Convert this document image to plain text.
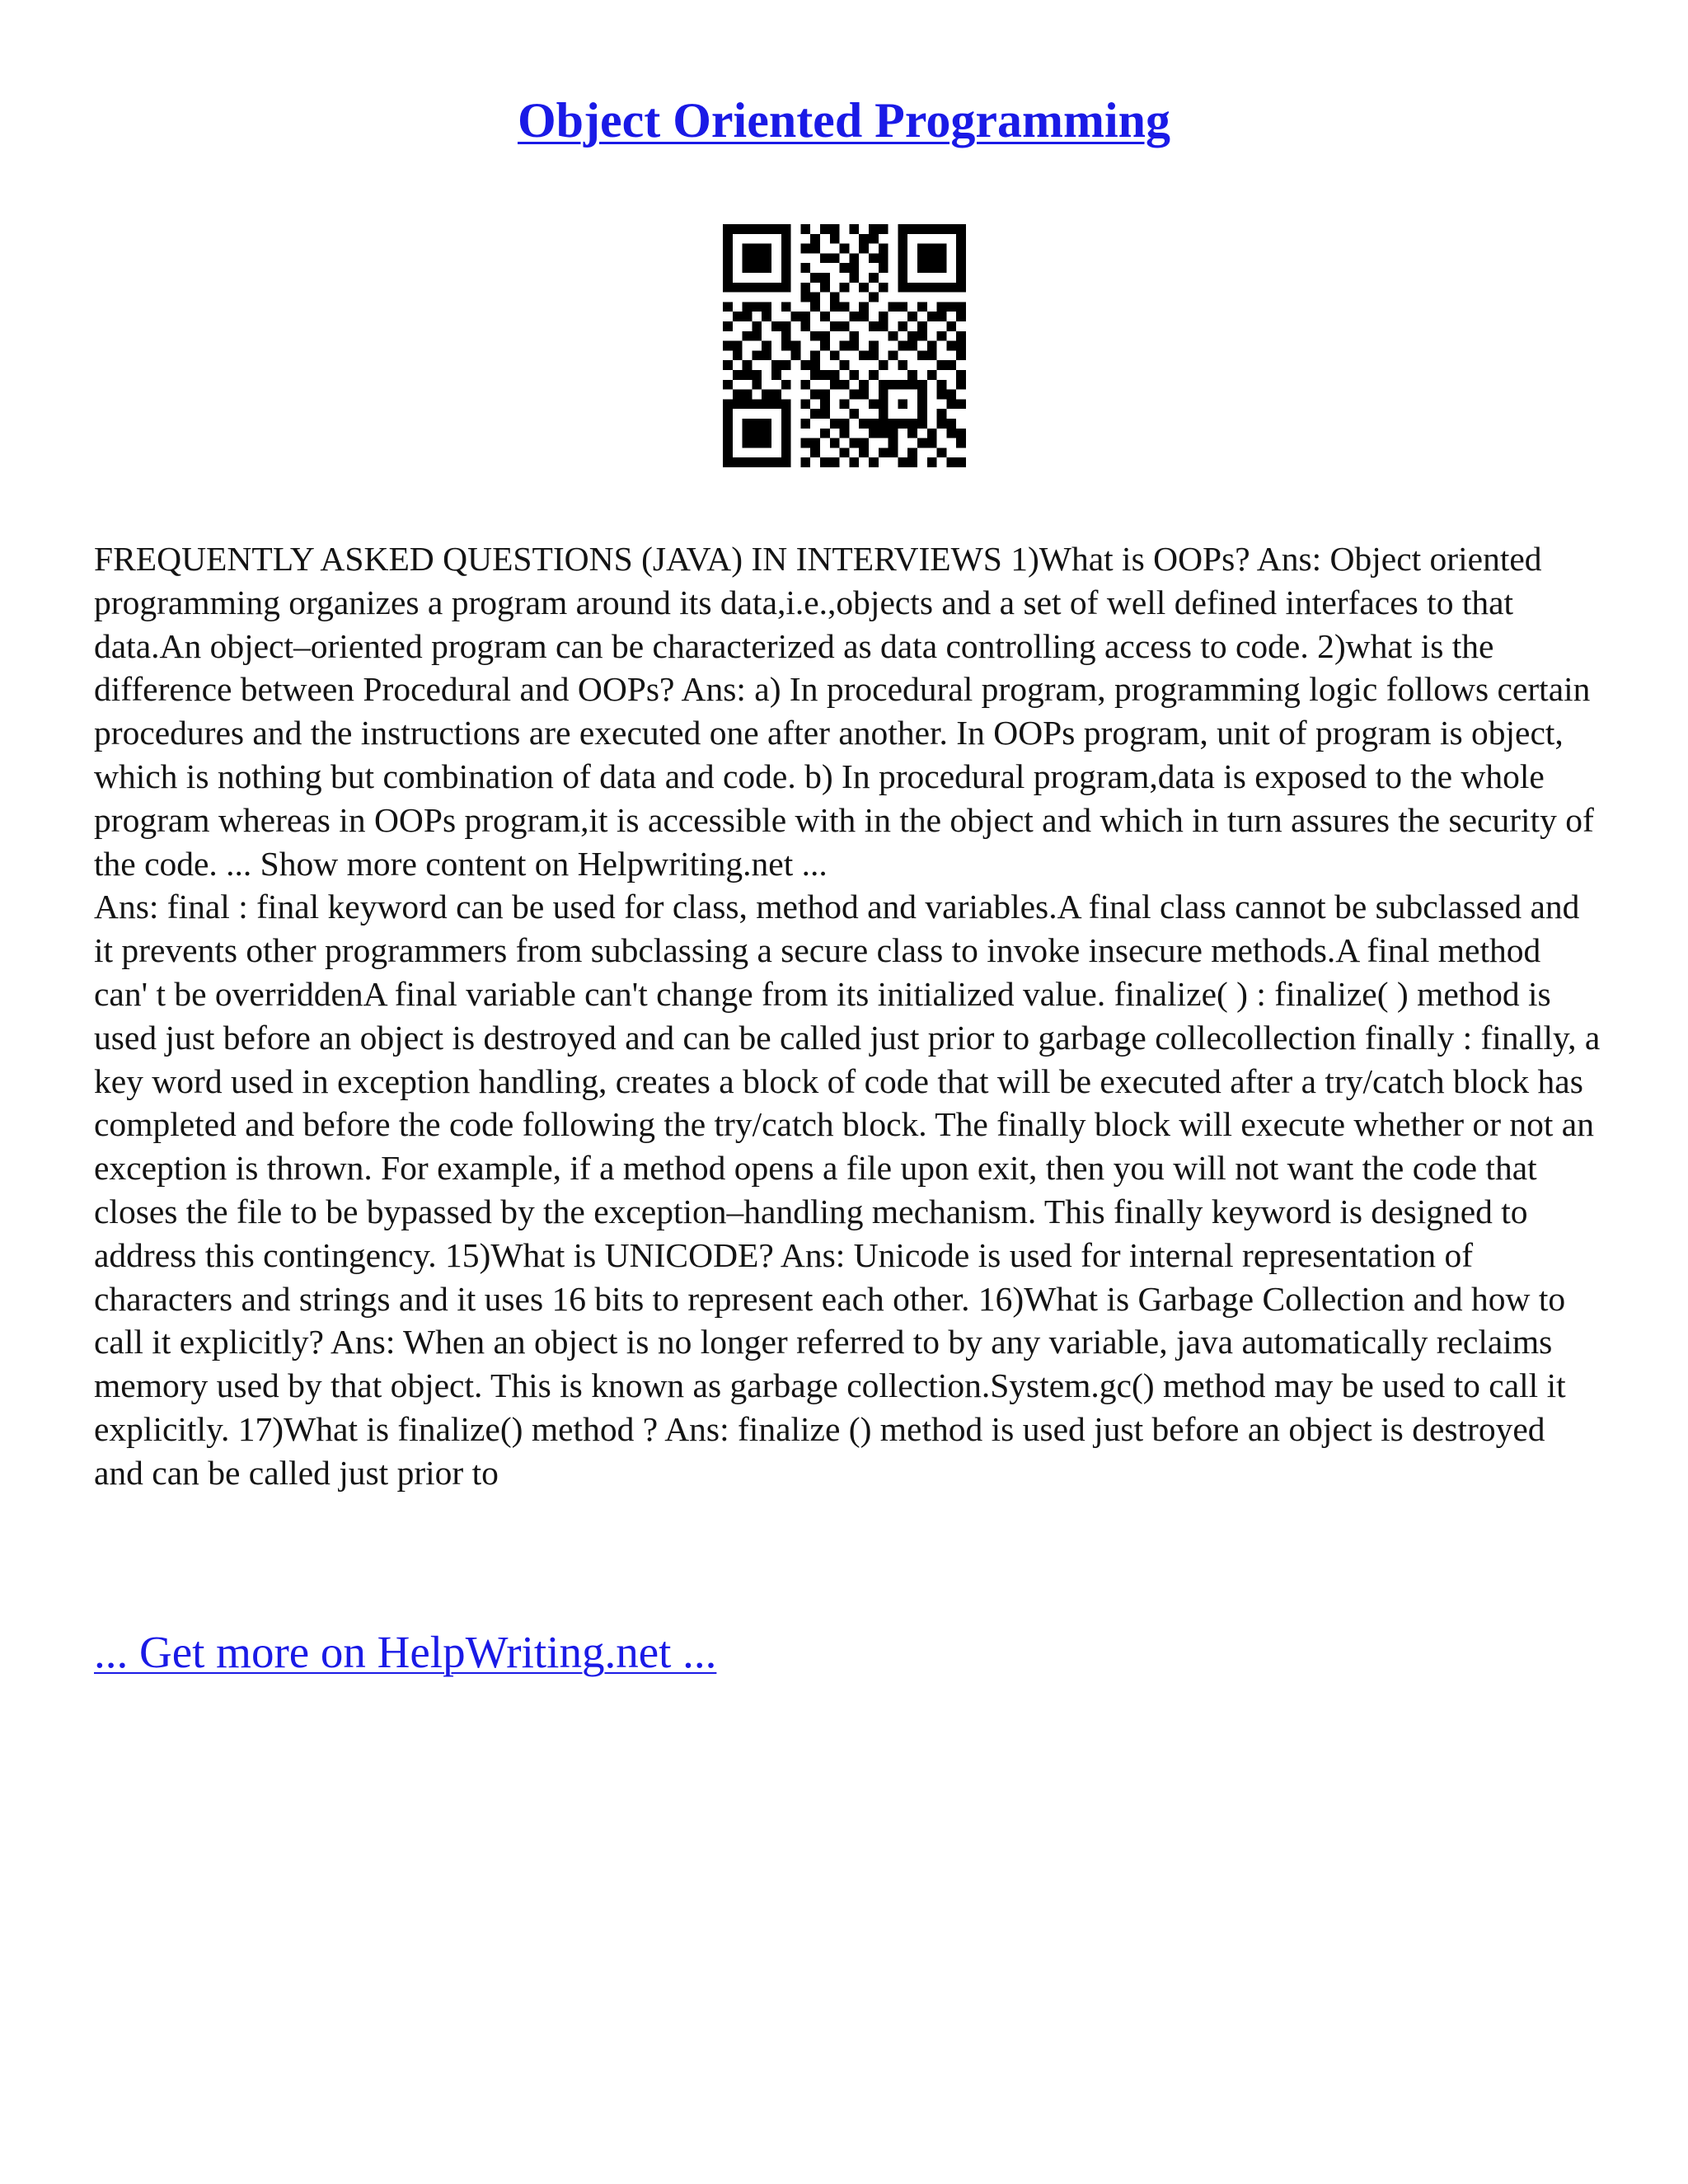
Object Oriented Programming

FREQUENTLY ASKED QUESTIONS (JAVA) IN INTERVIEWS 1)What is OOPs? Ans: Object oriented programming organizes a program around its data,i.e.,objects and a set of well defined interfaces to that data.An object–oriented program can be characterized as data controlling access to code. 2)what is the difference between Procedural and OOPs? Ans: a) In procedural program, programming logic follows certain procedures and the instructions are executed one after another. In OOPs program, unit of program is object, which is nothing but combination of data and code. b) In procedural program,data is exposed to the whole program whereas in OOPs program,it is accessible with in the object and which in turn assures the security of the code. ... Show more content on Helpwriting.net ...

Ans: final : final keyword can be used for class, method and variables.A final class cannot be subclassed and it prevents other programmers from subclassing a secure class to invoke insecure methods.A final method can' t be overriddenA final variable can't change from its initialized value. finalize( ) : finalize( ) method is used just before an object is destroyed and can be called just prior to garbage collecollection finally : finally, a key word used in exception handling, creates a block of code that will be executed after a try/catch block has completed and before the code following the try/catch block. The finally block will execute whether or not an exception is thrown. For example, if a method opens a file upon exit, then you will not want the code that closes the file to be bypassed by the exception–handling mechanism. This finally keyword is designed to address this contingency. 15)What is UNICODE? Ans: Unicode is used for internal representation of characters and strings and it uses 16 bits to represent each other. 16)What is Garbage Collection and how to call it explicitly? Ans: When an object is no longer referred to by any variable, java automatically reclaims memory used by that object. This is known as garbage collection.System.gc() method may be used to call it explicitly. 17)What is finalize() method ? Ans: finalize () method is used just before an object is destroyed and can be called just prior to

... Get more on HelpWriting.net ...
